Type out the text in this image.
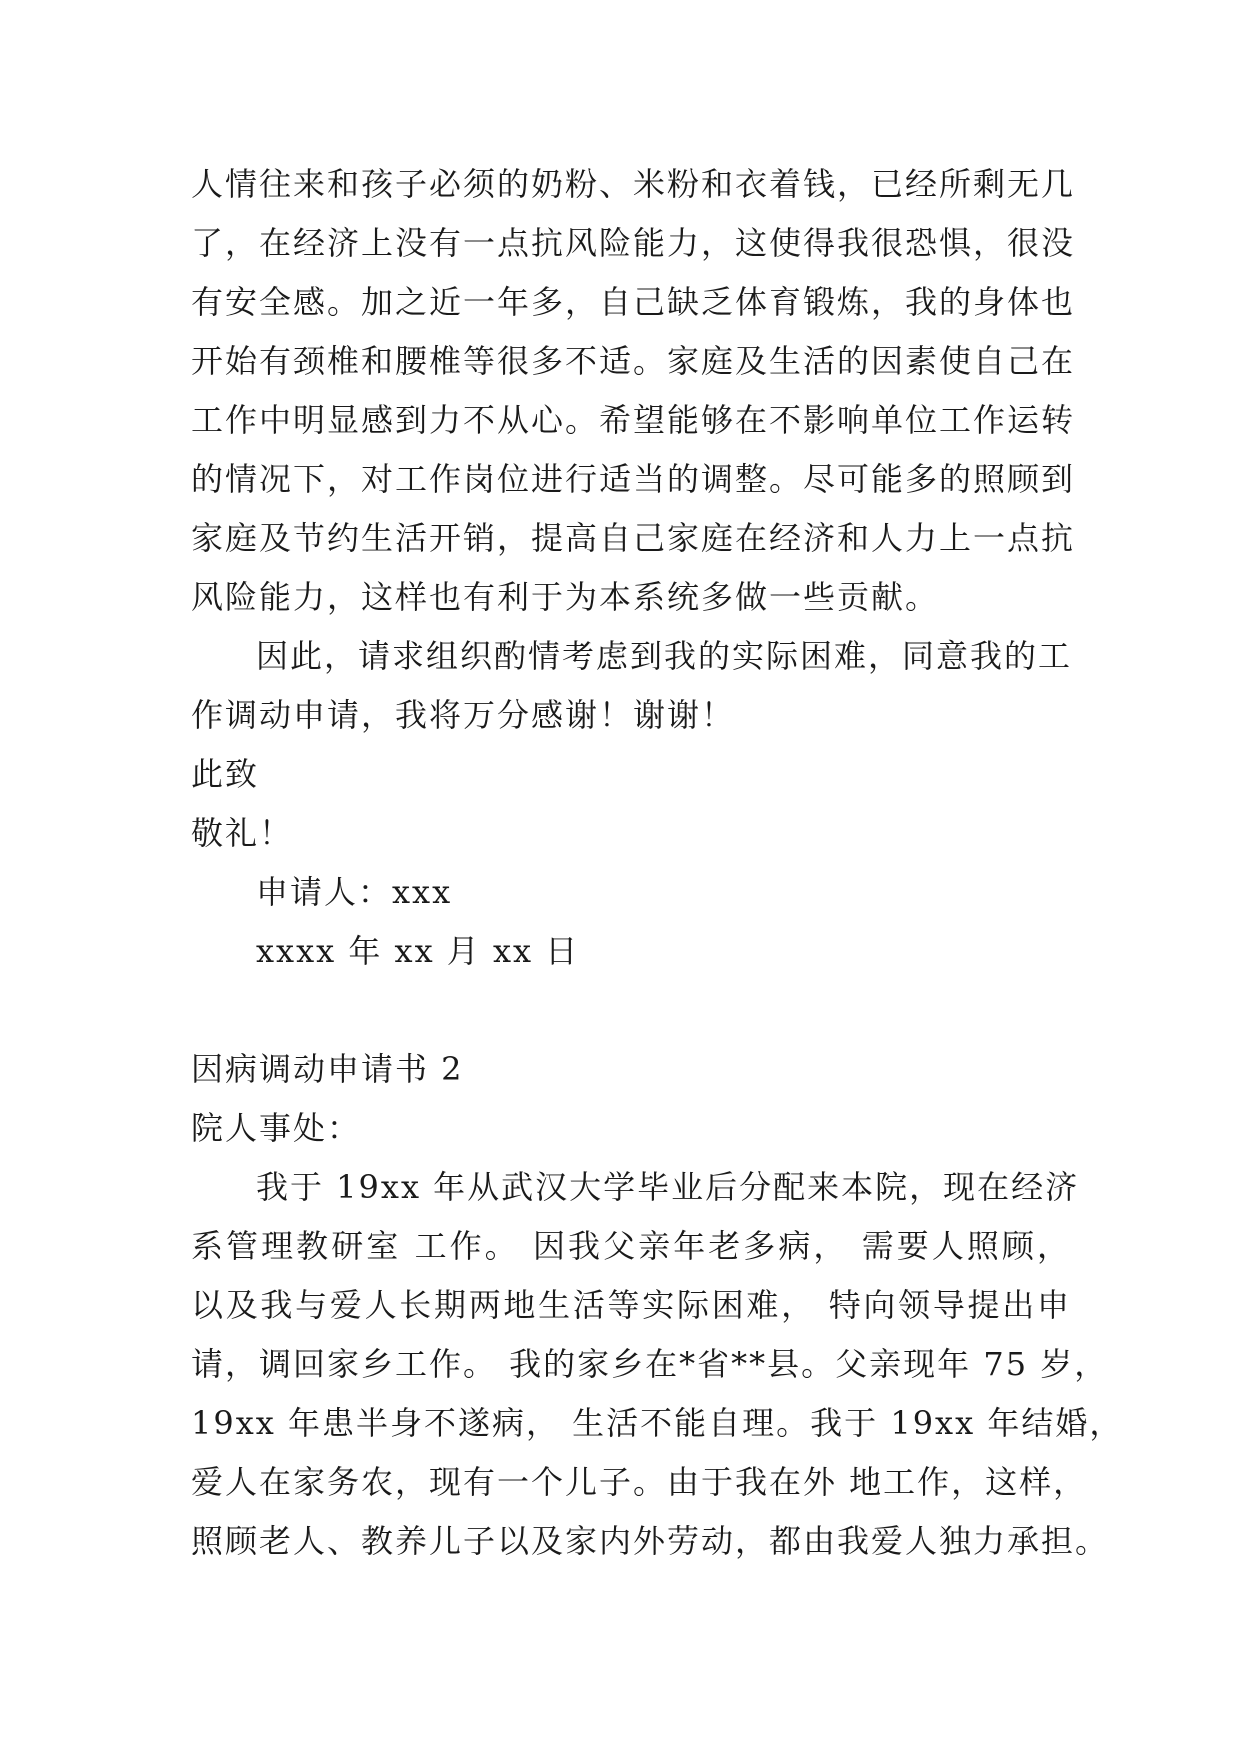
人情往来和孩子必须的奶粉、米粉和衣着钱，已经所剩无几
了，在经济上没有一点抗风险能力，这使得我很恐惧，很没
有安全感。加之近一年多，自己缺乏体育锻炼，我的身体也
开始有颈椎和腰椎等很多不适。家庭及生活的因素使自己在
工作中明显感到力不从心。希望能够在不影响单位工作运转
的情况下，对工作岗位进行适当的调整。尽可能多的照顾到
家庭及节约生活开销，提高自己家庭在经济和人力上一点抗
风险能力，这样也有利于为本系统多做一些贡献。
因此，请求组织酌情考虑到我的实际困难，同意我的工
作调动申请，我将万分感谢！谢谢！
此致
敬礼！
申请人：xxx
xxxx 年 xx 月 xx 日
因病调动申请书 2
院人事处：
我于 19xx 年从武汉大学毕业后分配来本院，现在经济
系管理教研室 工作。 因我父亲年老多病， 需要人照顾，
以及我与爱人长期两地生活等实际困难， 特向领导提出申
请，调回家乡工作。 我的家乡在*省**县。父亲现年 75 岁，
19xx 年患半身不遂病， 生活不能自理。我于 19xx 年结婚，
爱人在家务农，现有一个儿子。由于我在外 地工作，这样，
照顾老人、教养儿子以及家内外劳动，都由我爱人独力承担。
